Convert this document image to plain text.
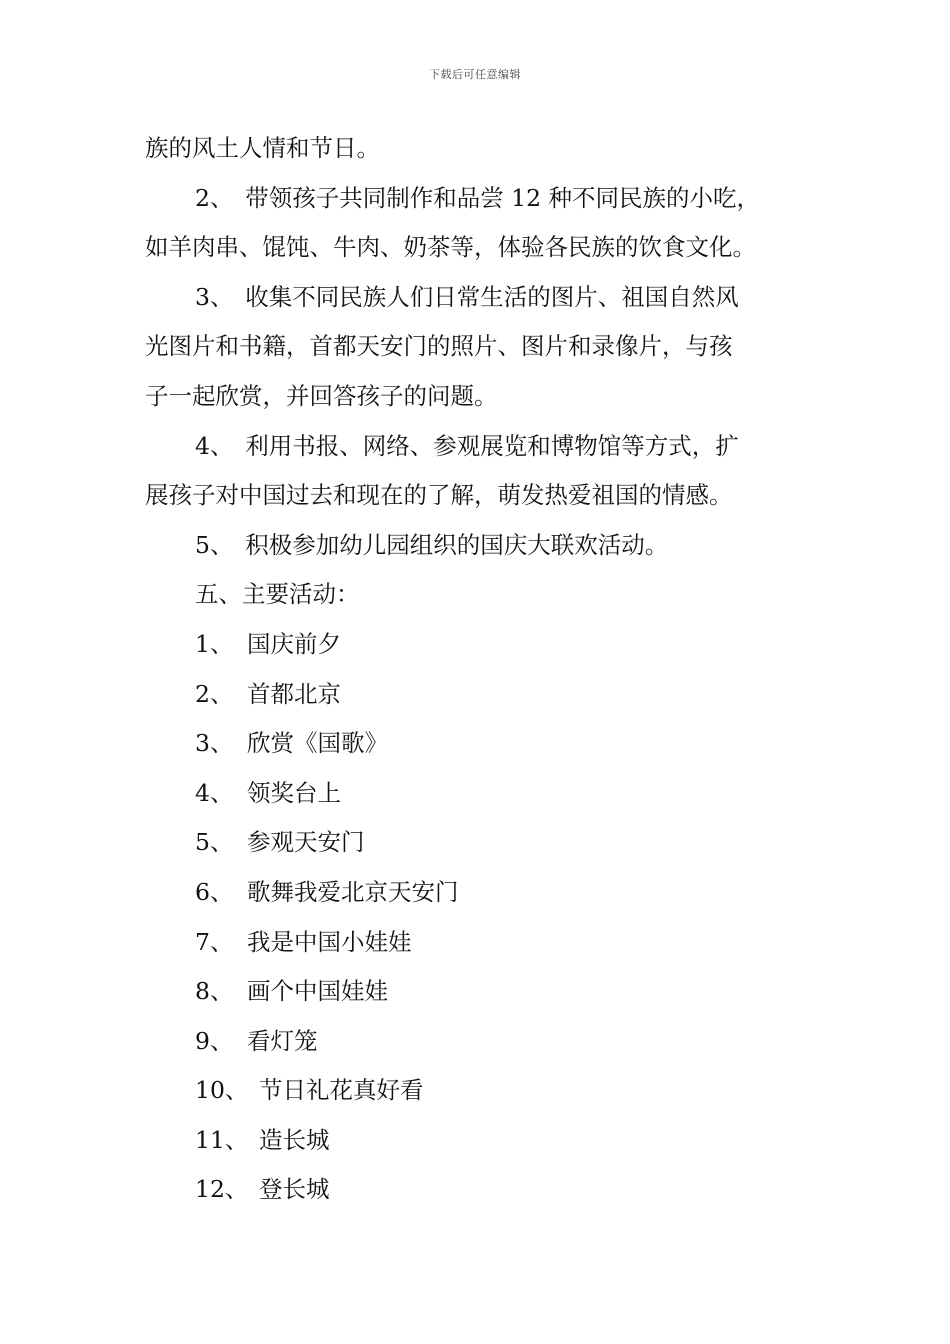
下载后可任意编辑
族的风土人情和节日。
2、　带领孩子共同制作和品尝 12 种不同民族的小吃，
如羊肉串、馄饨、牛肉、奶茶等，体验各民族的饮食文化。
3、　收集不同民族人们日常生活的图片、祖国自然风
光图片和书籍，首都天安门的照片、图片和录像片，与孩
子一起欣赏，并回答孩子的问题。
4、　利用书报、网络、参观展览和博物馆等方式，扩
展孩子对中国过去和现在的了解，萌发热爱祖国的情感。
5、　积极参加幼儿园组织的国庆大联欢活动。
五、主要活动：
1、 国庆前夕
2、 首都北京
3、 欣赏《国歌》
4、 领奖台上
5、 参观天安门
6、 歌舞我爱北京天安门
7、 我是中国小娃娃
8、 画个中国娃娃
9、 看灯笼
10、 节日礼花真好看
11、 造长城
12、 登长城
